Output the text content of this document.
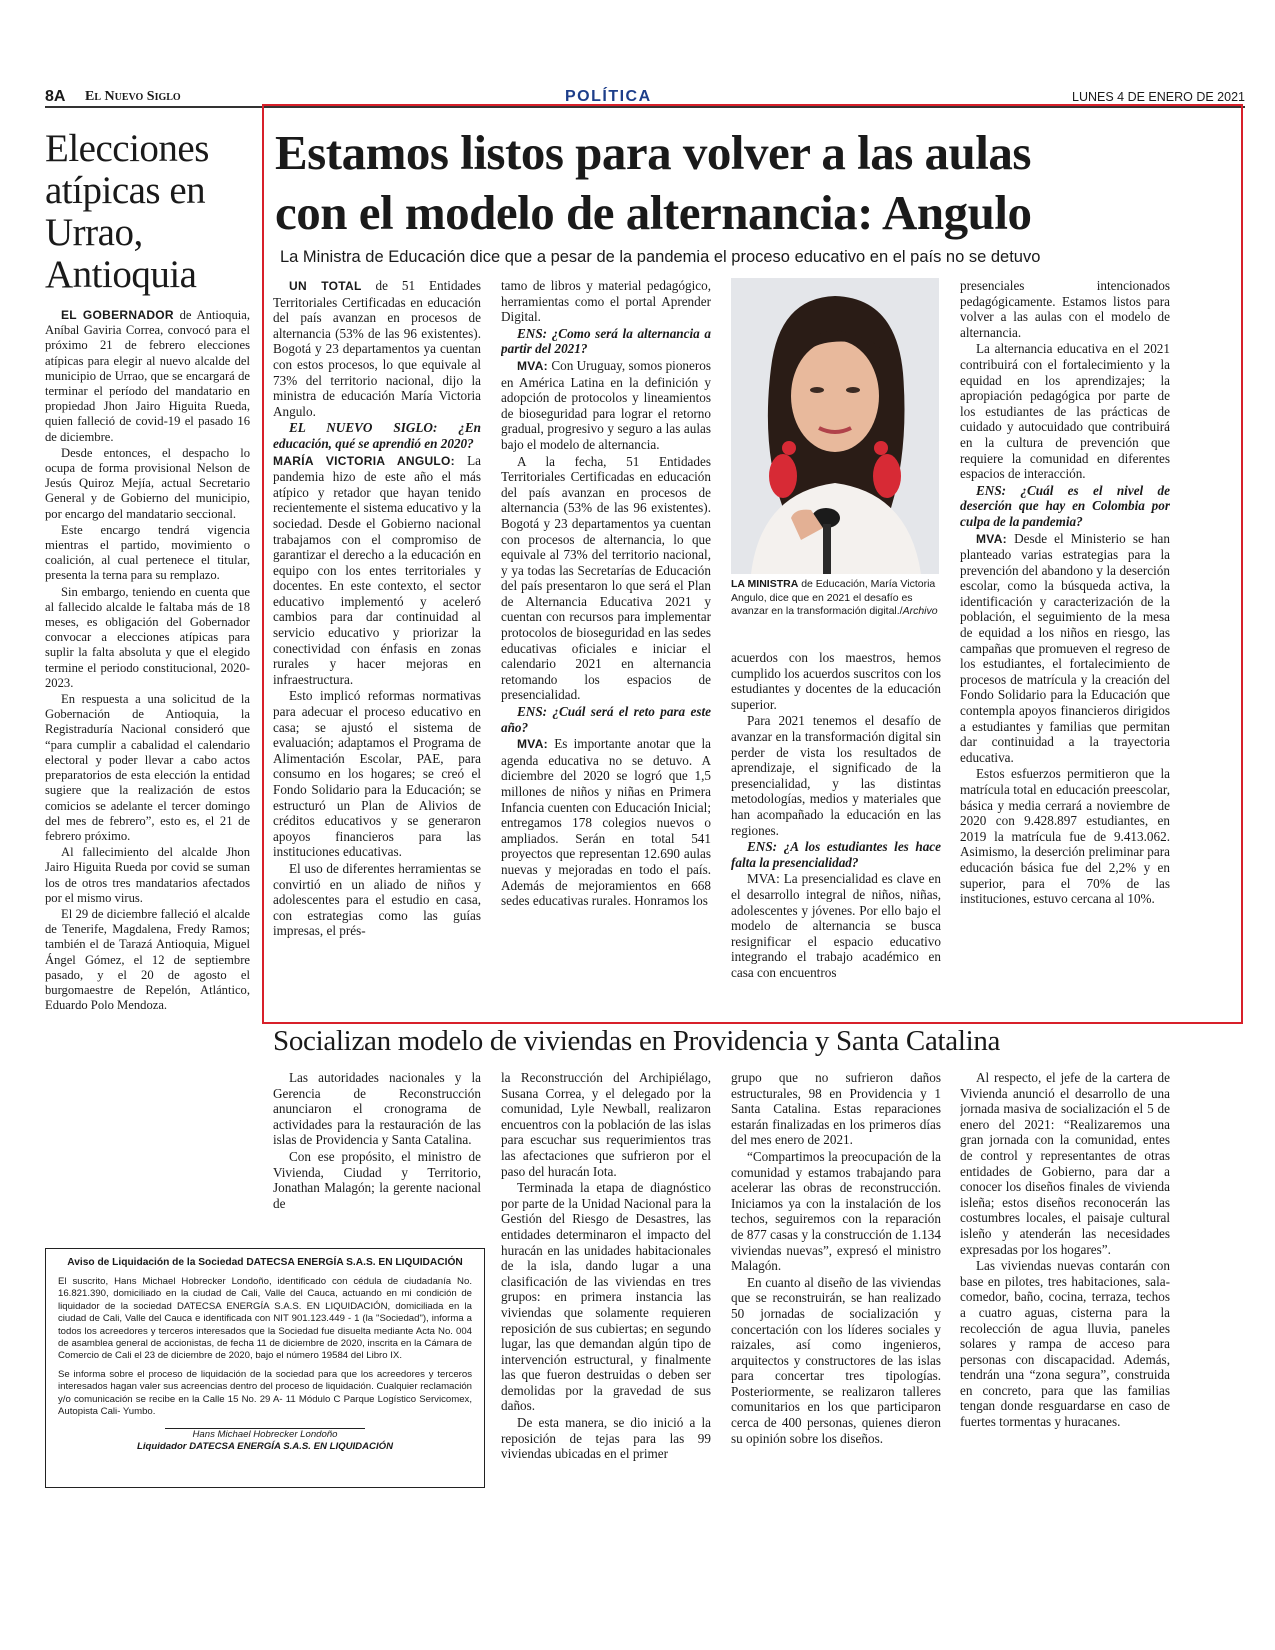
8A El Nuevo Siglo	POLÍTICA	LUNES 4 DE ENERO DE 2021
Elecciones atípicas en Urrao, Antioquia

EL GOBERNADOR de Antioquia, Aníbal Gaviria Correa, convocó para el próximo 21 de febrero elecciones atípicas para elegir al nuevo alcalde del municipio de Urrao, que se encargará de terminar el período del mandatario en propiedad Jhon Jairo Higuita Rueda, quien falleció de covid-19 el pasado 16 de diciembre.

Desde entonces, el despacho lo ocupa de forma provisional Nelson de Jesús Quiroz Mejía, actual Secretario General y de Gobierno del municipio, por encargo del mandatario seccional.

Este encargo tendrá vigencia mientras el partido, movimiento o coalición, al cual pertenece el titular, presenta la terna para su remplazo.

Sin embargo, teniendo en cuenta que al fallecido alcalde le faltaba más de 18 meses, es obligación del Gobernador convocar a elecciones atípicas para suplir la falta absoluta y que el elegido termine el periodo constitucional, 2020-2023.

En respuesta a una solicitud de la Gobernación de Antioquia, la Registraduría Nacional consideró que “para cumplir a cabalidad el calendario electoral y poder llevar a cabo actos preparatorios de esta elección la entidad sugiere que la realización de estos comicios se adelante el tercer domingo del mes de febrero”, esto es, el 21 de febrero próximo.

Al fallecimiento del alcalde Jhon Jairo Higuita Rueda por covid se suman los de otros tres mandatarios afectados por el mismo virus.

El 29 de diciembre falleció el alcalde de Tenerife, Magdalena, Fredy Ramos; también el de Tarazá Antioquia, Miguel Ángel Gómez, el 12 de septiembre pasado, y el 20 de agosto el burgomaestre de Repelón, Atlántico, Eduardo Polo Mendoza.

Estamos listos para volver a las aulas
con el modelo de alternancia: Angulo
La Ministra de Educación dice que a pesar de la pandemia el proceso educativo en el país no se detuvo

UN TOTAL de 51 Entidades Territoriales Certificadas en educación del país avanzan en procesos de alternancia (53% de las 96 existentes). Bogotá y 23 departamentos ya cuentan con estos procesos, lo que equivale al 73% del territorio nacional, dijo la ministra de educación María Victoria Angulo.

EL NUEVO SIGLO: ¿En educación, qué se aprendió en 2020?

MARÍA VICTORIA ANGULO: La pandemia hizo de este año el más atípico y retador que hayan tenido recientemente el sistema educativo y la sociedad. Desde el Gobierno nacional trabajamos con el compromiso de garantizar el derecho a la educación en equipo con los entes territoriales y docentes. En este contexto, el sector educativo implementó y aceleró cambios para dar continuidad al servicio educativo y priorizar la conectividad con énfasis en zonas rurales y hacer mejoras en infraestructura.

Esto implicó reformas normativas para adecuar el proceso educativo en casa; se ajustó el sistema de evaluación; adaptamos el Programa de Alimentación Escolar, PAE, para consumo en los hogares; se creó el Fondo Solidario para la Educación; se estructuró un Plan de Alivios de créditos educativos y se generaron apoyos financieros para las instituciones educativas.

El uso de diferentes herramientas se convirtió en un aliado de niños y adolescentes para el estudio en casa, con estrategias como las guías impresas, el prés-

tamo de libros y material pedagógico, herramientas como el portal Aprender Digital.

ENS: ¿Como será la alternancia a partir del 2021?

MVA: Con Uruguay, somos pioneros en América Latina en la definición y adopción de protocolos y lineamientos de bioseguridad para lograr el retorno gradual, progresivo y seguro a las aulas bajo el modelo de alternancia.

A la fecha, 51 Entidades Territoriales Certificadas en educación del país avanzan en procesos de alternancia (53% de las 96 existentes). Bogotá y 23 departamentos ya cuentan con procesos de alternancia, lo que equivale al 73% del territorio nacional, y ya todas las Secretarías de Educación del país presentaron lo que será el Plan de Alternancia Educativa 2021 y cuentan con recursos para implementar protocolos de bioseguridad en las sedes educativas oficiales e iniciar el calendario 2021 en alternancia retomando los espacios de presencialidad.

ENS: ¿Cuál será el reto para este año?

MVA: Es importante anotar que la agenda educativa no se detuvo. A diciembre del 2020 se logró que 1,5 millones de niños y niñas en Primera Infancia cuenten con Educación Inicial; entregamos 178 colegios nuevos o ampliados. Serán en total 541 proyectos que representan 12.690 aulas nuevas y mejoradas en todo el país. Además de mejoramientos en 668 sedes educativas rurales. Honramos los

LA MINISTRA de Educación, María Victoria Angulo, dice que en 2021 el desafío es avanzar en la transformación digital./Archivo

acuerdos con los maestros, hemos cumplido los acuerdos suscritos con los estudiantes y docentes de la educación superior.

Para 2021 tenemos el desafío de avanzar en la transformación digital sin perder de vista los resultados de aprendizaje, el significado de la presencialidad, y las distintas metodologías, medios y materiales que han acompañado la educación en las regiones.

ENS: ¿A los estudiantes les hace falta la presencialidad?

MVA: La presencialidad es clave en el desarrollo integral de niños, niñas, adolescentes y jóvenes. Por ello bajo el modelo de alternancia se busca resignificar el espacio educativo integrando el trabajo académico en casa con encuentros

presenciales intencionados pedagógicamente. Estamos listos para volver a las aulas con el modelo de alternancia.

La alternancia educativa en el 2021 contribuirá con el fortalecimiento y la equidad en los aprendizajes; la apropiación pedagógica por parte de los estudiantes de las prácticas de cuidado y autocuidado que contribuirá en la cultura de prevención que requiere la comunidad en diferentes espacios de interacción.

ENS: ¿Cuál es el nivel de deserción que hay en Colombia por culpa de la pandemia?

MVA: Desde el Ministerio se han planteado varias estrategias para la prevención del abandono y la deserción escolar, como la búsqueda activa, la identificación y caracterización de la población, el seguimiento de la mesa de equidad a los niños en riesgo, las campañas que promueven el regreso de los estudiantes, el fortalecimiento de procesos de matrícula y la creación del Fondo Solidario para la Educación que contempla apoyos financieros dirigidos a estudiantes y familias que permitan dar continuidad a la trayectoria educativa.

Estos esfuerzos permitieron que la matrícula total en educación preescolar, básica y media cerrará a noviembre de 2020 con 9.428.897 estudiantes, en 2019 la matrícula fue de 9.413.062. Asimismo, la deserción preliminar para educación básica fue del 2,2% y en superior, para el 70% de las instituciones, estuvo cercana al 10%.

Socializan modelo de viviendas en Providencia y Santa Catalina

Las autoridades nacionales y la Gerencia de Reconstrucción anunciaron el cronograma de actividades para la restauración de las islas de Providencia y Santa Catalina.

Con ese propósito, el ministro de Vivienda, Ciudad y Territorio, Jonathan Malagón; la gerente nacional de

la Reconstrucción del Archipiélago, Susana Correa, y el delegado por la comunidad, Lyle Newball, realizaron encuentros con la población de las islas para escuchar sus requerimientos tras las afectaciones que sufrieron por el paso del huracán Iota.

Terminada la etapa de diagnóstico por parte de la Unidad Nacional para la Gestión del Riesgo de Desastres, las entidades determinaron el impacto del huracán en las unidades habitacionales de la isla, dando lugar a una clasificación de las viviendas en tres grupos: en primera instancia las viviendas que solamente requieren reposición de sus cubiertas; en segundo lugar, las que demandan algún tipo de intervención estructural, y finalmente las que fueron destruidas o deben ser demolidas por la gravedad de sus daños.

De esta manera, se dio inició a la reposición de tejas para las 99 viviendas ubicadas en el primer

grupo que no sufrieron daños estructurales, 98 en Providencia y 1 Santa Catalina. Estas reparaciones estarán finalizadas en los primeros días del mes enero de 2021.

“Compartimos la preocupación de la comunidad y estamos trabajando para acelerar las obras de reconstrucción. Iniciamos ya con la instalación de los techos, seguiremos con la reparación de 877 casas y la construcción de 1.134 viviendas nuevas”, expresó el ministro Malagón.

En cuanto al diseño de las viviendas que se reconstruirán, se han realizado 50 jornadas de socialización y concertación con los líderes sociales y raizales, así como ingenieros, arquitectos y constructores de las islas para concertar tres tipologías. Posteriormente, se realizaron talleres comunitarios en los que participaron cerca de 400 personas, quienes dieron su opinión sobre los diseños.

Al respecto, el jefe de la cartera de Vivienda anunció el desarrollo de una jornada masiva de socialización el 5 de enero del 2021: “Realizaremos una gran jornada con la comunidad, entes de control y representantes de otras entidades de Gobierno, para dar a conocer los diseños finales de vivienda isleña; estos diseños reconocerán las costumbres locales, el paisaje cultural isleño y atenderán las necesidades expresadas por los hogares”.

Las viviendas nuevas contarán con base en pilotes, tres habitaciones, sala-comedor, baño, cocina, terraza, techos a cuatro aguas, cisterna para la recolección de agua lluvia, paneles solares y rampa de acceso para personas con discapacidad. Además, tendrán una “zona segura”, construida en concreto, para que las familias tengan donde resguardarse en caso de fuertes tormentas y huracanes.

Aviso de Liquidación de la Sociedad DATECSA ENERGÍA S.A.S. EN LIQUIDACIÓN

El suscrito, Hans Michael Hobrecker Londoño, identificado con cédula de ciudadanía No. 16.821.390, domiciliado en la ciudad de Cali, Valle del Cauca, actuando en mi condición de liquidador de la sociedad DATECSA ENERGÍA S.A.S. EN LIQUIDACIÓN, domiciliada en la ciudad de Cali, Valle del Cauca e identificada con NIT 901.123.449 - 1 (la "Sociedad"), informa a todos los acreedores y terceros interesados que la Sociedad fue disuelta mediante Acta No. 004 de asamblea general de accionistas, de fecha 11 de diciembre de 2020, inscrita en la Cámara de Comercio de Cali el 23 de diciembre de 2020, bajo el número 19584 del Libro IX.

Se informa sobre el proceso de liquidación de la sociedad para que los acreedores y terceros interesados hagan valer sus acreencias dentro del proceso de liquidación. Cualquier reclamación y/o comunicación se recibe en la Calle 15 No. 29 A- 11 Módulo C Parque Logístico Servicomex, Autopista Cali- Yumbo.

Hans Michael Hobrecker Londoño
Liquidador DATECSA ENERGÍA S.A.S. EN LIQUIDACIÓN
